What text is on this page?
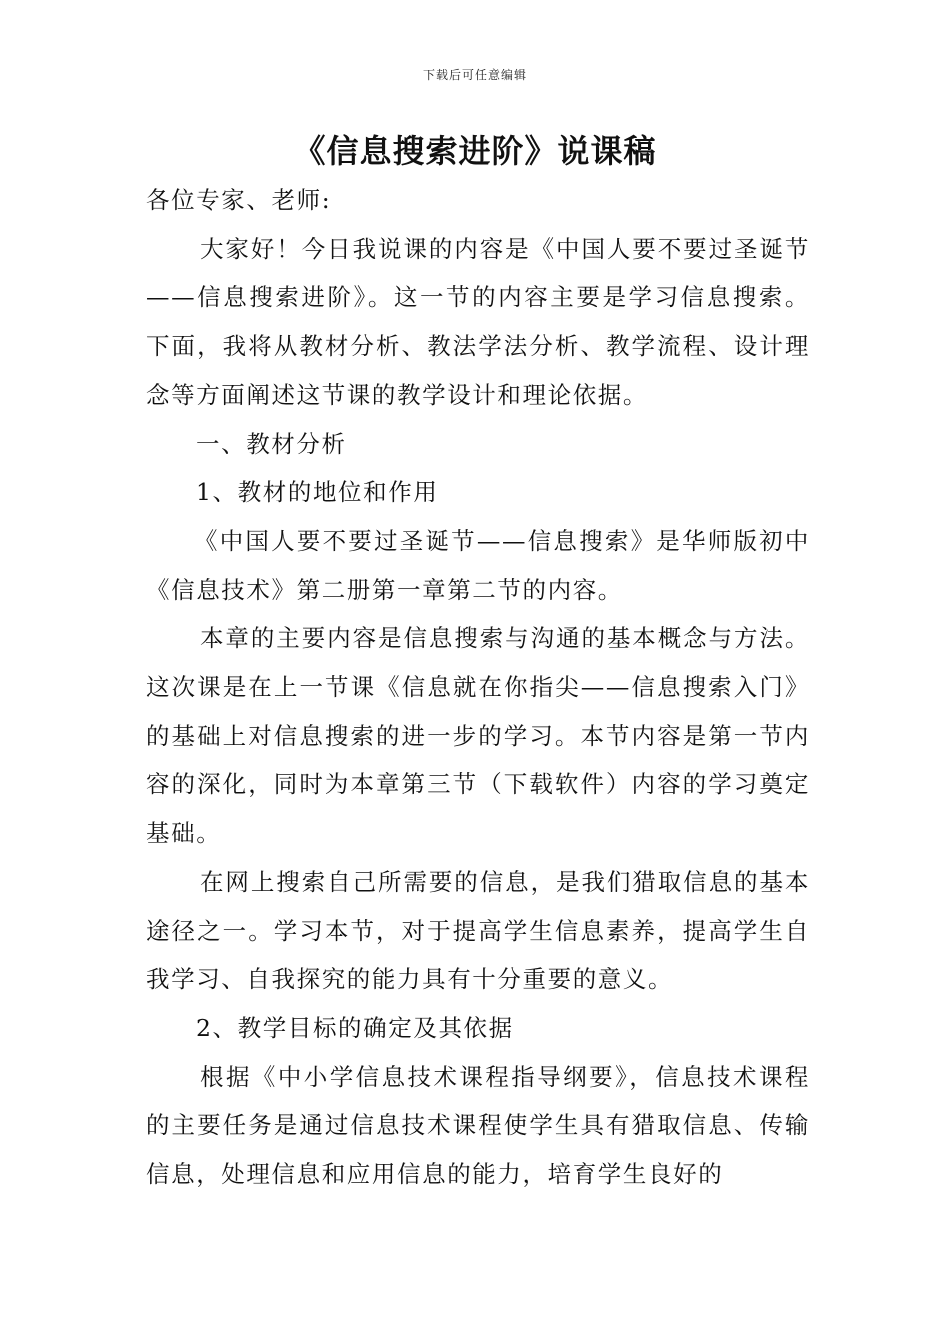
下载后可任意编辑
《信息搜索进阶》说课稿

各位专家、老师:

大家好！今日我说课的内容是《中国人要不要过圣诞节——信息搜索进阶》。这一节的内容主要是学习信息搜索。下面，我将从教材分析、教法学法分析、教学流程、设计理念等方面阐述这节课的教学设计和理论依据。

一、教材分析

1、教材的地位和作用

《中国人要不要过圣诞节——信息搜索》是华师版初中《信息技术》第二册第一章第二节的内容。

本章的主要内容是信息搜索与沟通的基本概念与方法。这次课是在上一节课《信息就在你指尖——信息搜索入门》的基础上对信息搜索的进一步的学习。本节内容是第一节内容的深化，同时为本章第三节（下载软件）内容的学习奠定基础。

在网上搜索自己所需要的信息，是我们猎取信息的基本途径之一。学习本节，对于提高学生信息素养，提高学生自我学习、自我探究的能力具有十分重要的意义。

2、教学目标的确定及其依据

根据《中小学信息技术课程指导纲要》，信息技术课程的主要任务是通过信息技术课程使学生具有猎取信息、传输信息，处理信息和应用信息的能力，培育学生良好的
